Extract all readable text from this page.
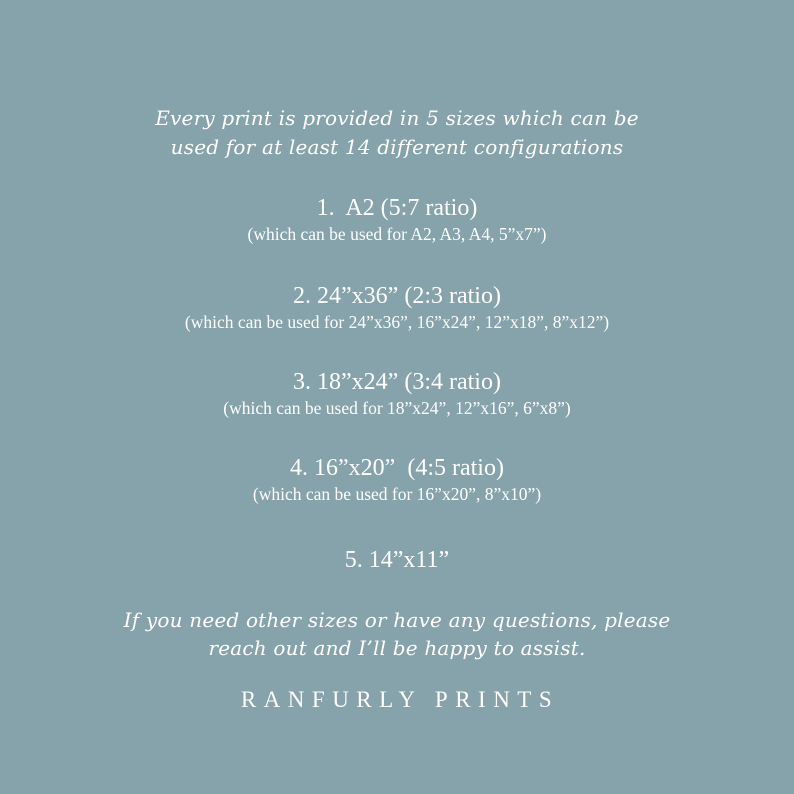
Every print is provided in 5 sizes which can be
used for at least 14 different configurations
1.  A2 (5:7 ratio)
(which can be used for A2, A3, A4, 5”x7”)
2. 24”x36” (2:3 ratio)
(which can be used for 24”x36”, 16”x24”, 12”x18”, 8”x12”)
3. 18”x24” (3:4 ratio)
(which can be used for 18”x24”, 12”x16”, 6”x8”)
4. 16”x20”  (4:5 ratio)
(which can be used for 16”x20”, 8”x10”)
5. 14”x11”
If you need other sizes or have any questions, please
reach out and I’ll be happy to assist.
RANFURLY PRINTS
